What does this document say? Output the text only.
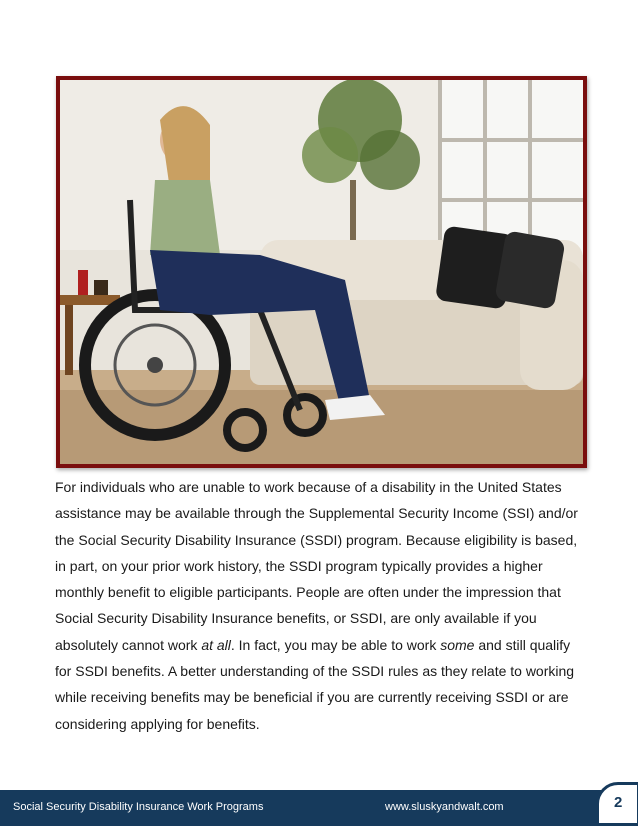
For individuals who are unable to work because of a disability in the United States assistance may be available through the Supplemental Security Income (SSI) and/or the Social Security Disability Insurance (SSDI) program. Because eligibility is based, in part, on your prior work history, the SSDI program typically provides a higher monthly benefit to eligible participants. People are often under the impression that Social Security Disability Insurance benefits, or SSDI, are only available if you absolutely cannot work at all. In fact, you may be able to work some and still qualify for SSDI benefits. A better understanding of the SSDI rules as they relate to working while receiving benefits may be beneficial if you are currently receiving SSDI or are considering applying for benefits.

Social Security Disability Insurance Work Programs	www.sluskyandwalt.com	2
